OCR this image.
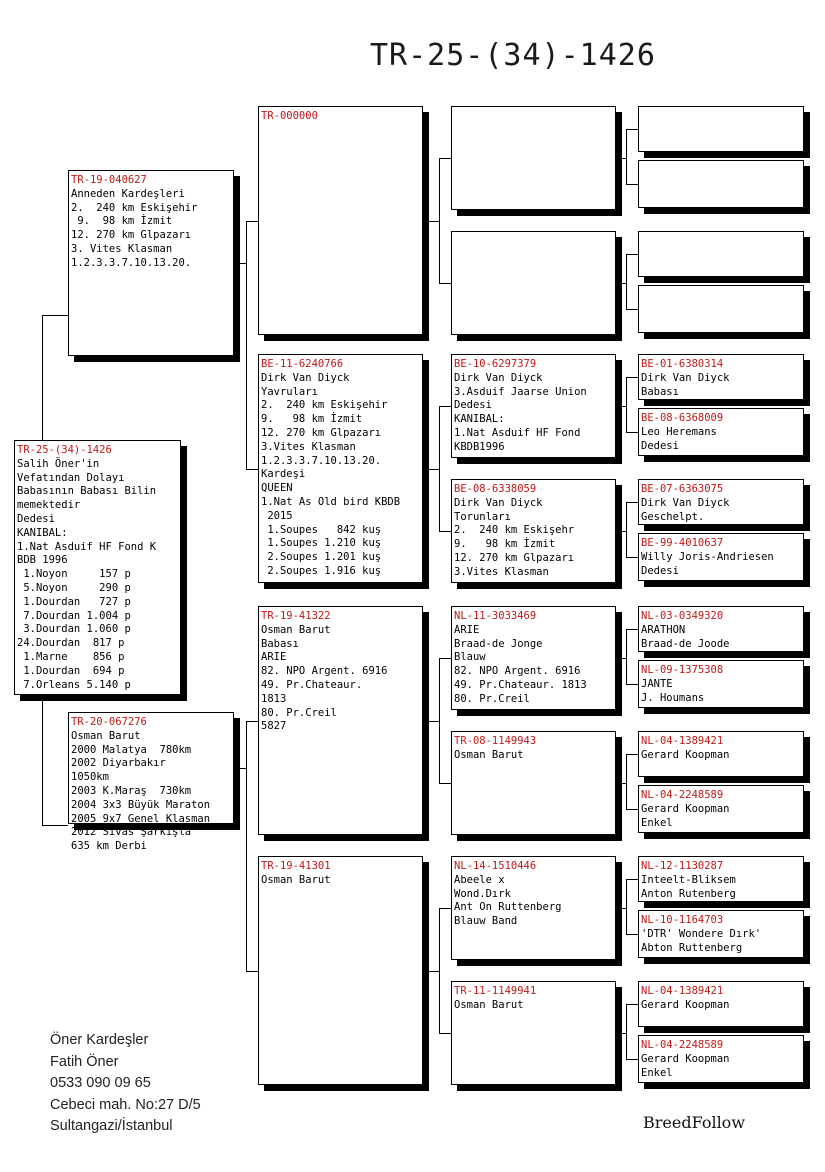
TR-25-(34)-1426
TR-25-(34)-1426
Salih Öner'in
Vefatından Dolayı
Babasının Babası Bilin
memektedir
Dedesi
KANIBAL:
1.Nat Asduif HF Fond K
BDB 1996
1.Noyon     157 p
5.Noyon     290 p
1.Dourdan   727 p
7.Dourdan 1.004 p
3.Dourdan 1.060 p
24.Dourdan  817 p
1.Marne    856 p
1.Dourdan  694 p
7.Orleans 5.140 p
TR-19-040627
Anneden Kardeşleri
2.  240 km Eskişehir
9.  98 km İzmit
12. 270 km Glpazarı
3. Vites Klasman
1.2.3.3.7.10.13.20.
TR-20-067276
Osman Barut
2000 Malatya  780km
2002 Diyarbakır
1050km
2003 K.Maraş  730km
2004 3x3 Büyük Maraton
2005 9x7 Genel Klasman
2012 Sivas Şarkışla
635 km Derbi
TR-000000
BE-11-6240766
Dirk Van Diyck
Yavruları
2.  240 km Eskişehir
9.   98 km İzmit
12. 270 km Glpazarı
3.Vites Klasman
1.2.3.3.7.10.13.20.
Kardeşi
QUEEN
1.Nat As Old bird KBDB
2015
1.Soupes   842 kuş
1.Soupes 1.210 kuş
2.Soupes 1.201 kuş
2.Soupes 1.916 kuş
TR-19-41322
Osman Barut
Babası
ARIE
82. NPO Argent. 6916
49. Pr.Chateaur.
1813
80. Pr.Creil
5827
TR-19-41301
Osman Barut
BE-10-6297379
Dirk Van Diyck
3.Asduif Jaarse Union
Dedesi
KANIBAL:
1.Nat Asduif HF Fond
KBDB1996
BE-08-6338059
Dirk Van Diyck
Torunları
2.  240 km Eskişehr
9.   98 km İzmit
12. 270 km Glpazarı
3.Vites Klasman
NL-11-3033469
ARIE
Braad-de Jonge
Blauw
82. NPO Argent. 6916
49. Pr.Chateaur. 1813
80. Pr.Creil
TR-08-1149943
Osman Barut
NL-14-1510446
Abeele x
Wond.Dırk
Ant On Ruttenberg
Blauw Band
TR-11-1149941
Osman Barut
BE-01-6380314
Dirk Van Diyck
Babası
BE-08-6368009
Leo Heremans
Dedesi
BE-07-6363075
Dirk Van Diyck
Geschelpt.
BE-99-4010637
Willy Joris-Andriesen
Dedesi
NL-03-0349320
ARATHON
Braad-de Joode
NL-09-1375308
JANTE
J. Houmans
NL-04-1389421
Gerard Koopman
NL-04-2248589
Gerard Koopman
Enkel
NL-12-1130287
Inteelt-Bliksem
Anton Rutenberg
NL-10-1164703
'DTR' Wondere Dırk'
Abton Ruttenberg
NL-04-1389421
Gerard Koopman
NL-04-2248589
Gerard Koopman
Enkel
Öner Kardeşler
Fatih Öner
0533 090 09 65
Cebeci mah. No:27 D/5
Sultangazi/İstanbul	BreedFollow
